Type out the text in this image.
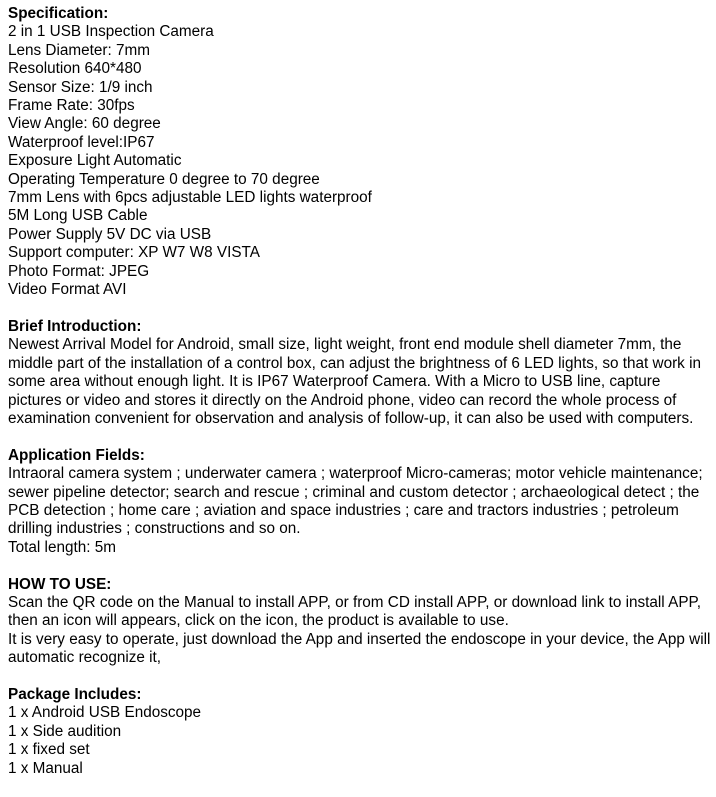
Specification:
2 in 1 USB Inspection Camera
Lens Diameter: 7mm
Resolution 640*480
Sensor Size: 1/9 inch
Frame Rate: 30fps
View Angle: 60 degree
Waterproof level:IP67
Exposure Light Automatic
Operating Temperature 0 degree to 70 degree
7mm Lens with 6pcs adjustable LED lights waterproof
5M Long USB Cable
Power Supply 5V DC via USB
Support computer: XP W7 W8 VISTA
Photo Format: JPEG
Video Format AVI
Brief Introduction:
Newest Arrival Model for Android, small size, light weight, front end module shell diameter 7mm, the middle part of the installation of a control box, can adjust the brightness of 6 LED lights, so that work in some area without enough light. It is IP67 Waterproof Camera. With a Micro to USB line, capture pictures or video and stores it directly on the Android phone, video can record the whole process of examination convenient for observation and analysis of follow-up, it can also be used with computers.
Application Fields:
Intraoral camera system ; underwater camera ; waterproof Micro-cameras; motor vehicle maintenance; sewer pipeline detector; search and rescue ; criminal and custom detector ; archaeological detect ; the PCB detection ; home care ; aviation and space industries ; care and tractors industries ; petroleum drilling industries ; constructions and so on.
Total length: 5m
HOW TO USE:
Scan the QR code on the Manual to install APP, or from CD install APP, or download link to install APP, then an icon will appears, click on the icon, the product is available to use.
It is very easy to operate, just download the App and inserted the endoscope in your device, the App will automatic recognize it,
Package Includes:
1 x Android USB Endoscope
1 x Side audition
1 x fixed set
1 x Manual
